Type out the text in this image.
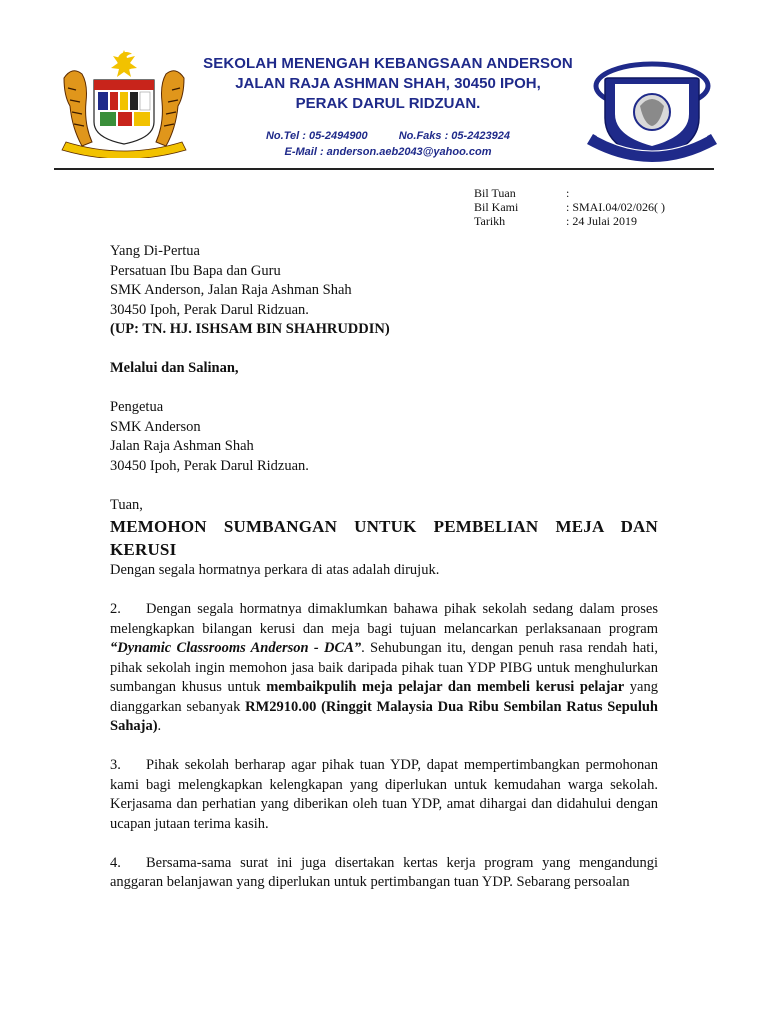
SEKOLAH MENENGAH KEBANGSAAN ANDERSON
JALAN RAJA ASHMAN SHAH, 30450 IPOH,
PERAK DARUL RIDZUAN.
No.Tel : 05-2494900	No.Faks : 05-2423924
E-Mail : anderson.aeb2043@yahoo.com
Bil Tuan	:
Bil Kami	: SMAI.04/02/026( )
Tarikh	: 24 Julai 2019

Yang Di-Pertua

Persatuan Ibu Bapa dan Guru

SMK Anderson, Jalan Raja Ashman Shah

30450 Ipoh, Perak Darul Ridzuan.

(UP: TN. HJ. ISHSAM BIN SHAHRUDDIN)

Melalui dan Salinan,

Pengetua

SMK Anderson

Jalan Raja Ashman Shah

30450 Ipoh, Perak Darul Ridzuan.

Tuan,

MEMOHON SUMBANGAN UNTUK PEMBELIAN MEJA DAN KERUSI

Dengan segala hormatnya perkara di atas adalah dirujuk.

2. Dengan segala hormatnya dimaklumkan bahawa pihak sekolah sedang dalam proses melengkapkan bilangan kerusi dan meja bagi tujuan melancarkan perlaksanaan program “Dynamic Classrooms Anderson - DCA”. Sehubungan itu, dengan penuh rasa rendah hati, pihak sekolah ingin memohon jasa baik daripada pihak tuan YDP PIBG untuk menghulurkan sumbangan khusus untuk membaikpulih meja pelajar dan membeli kerusi pelajar yang dianggarkan sebanyak RM2910.00 (Ringgit Malaysia Dua Ribu Sembilan Ratus Sepuluh Sahaja).

3. Pihak sekolah berharap agar pihak tuan YDP, dapat mempertimbangkan permohonan kami bagi melengkapkan kelengkapan yang diperlukan untuk kemudahan warga sekolah. Kerjasama dan perhatian yang diberikan oleh tuan YDP, amat dihargai dan didahului dengan ucapan jutaan terima kasih.

4. Bersama-sama surat ini juga disertakan kertas kerja program yang mengandungi anggaran belanjawan yang diperlukan untuk pertimbangan tuan YDP. Sebarang persoalan
